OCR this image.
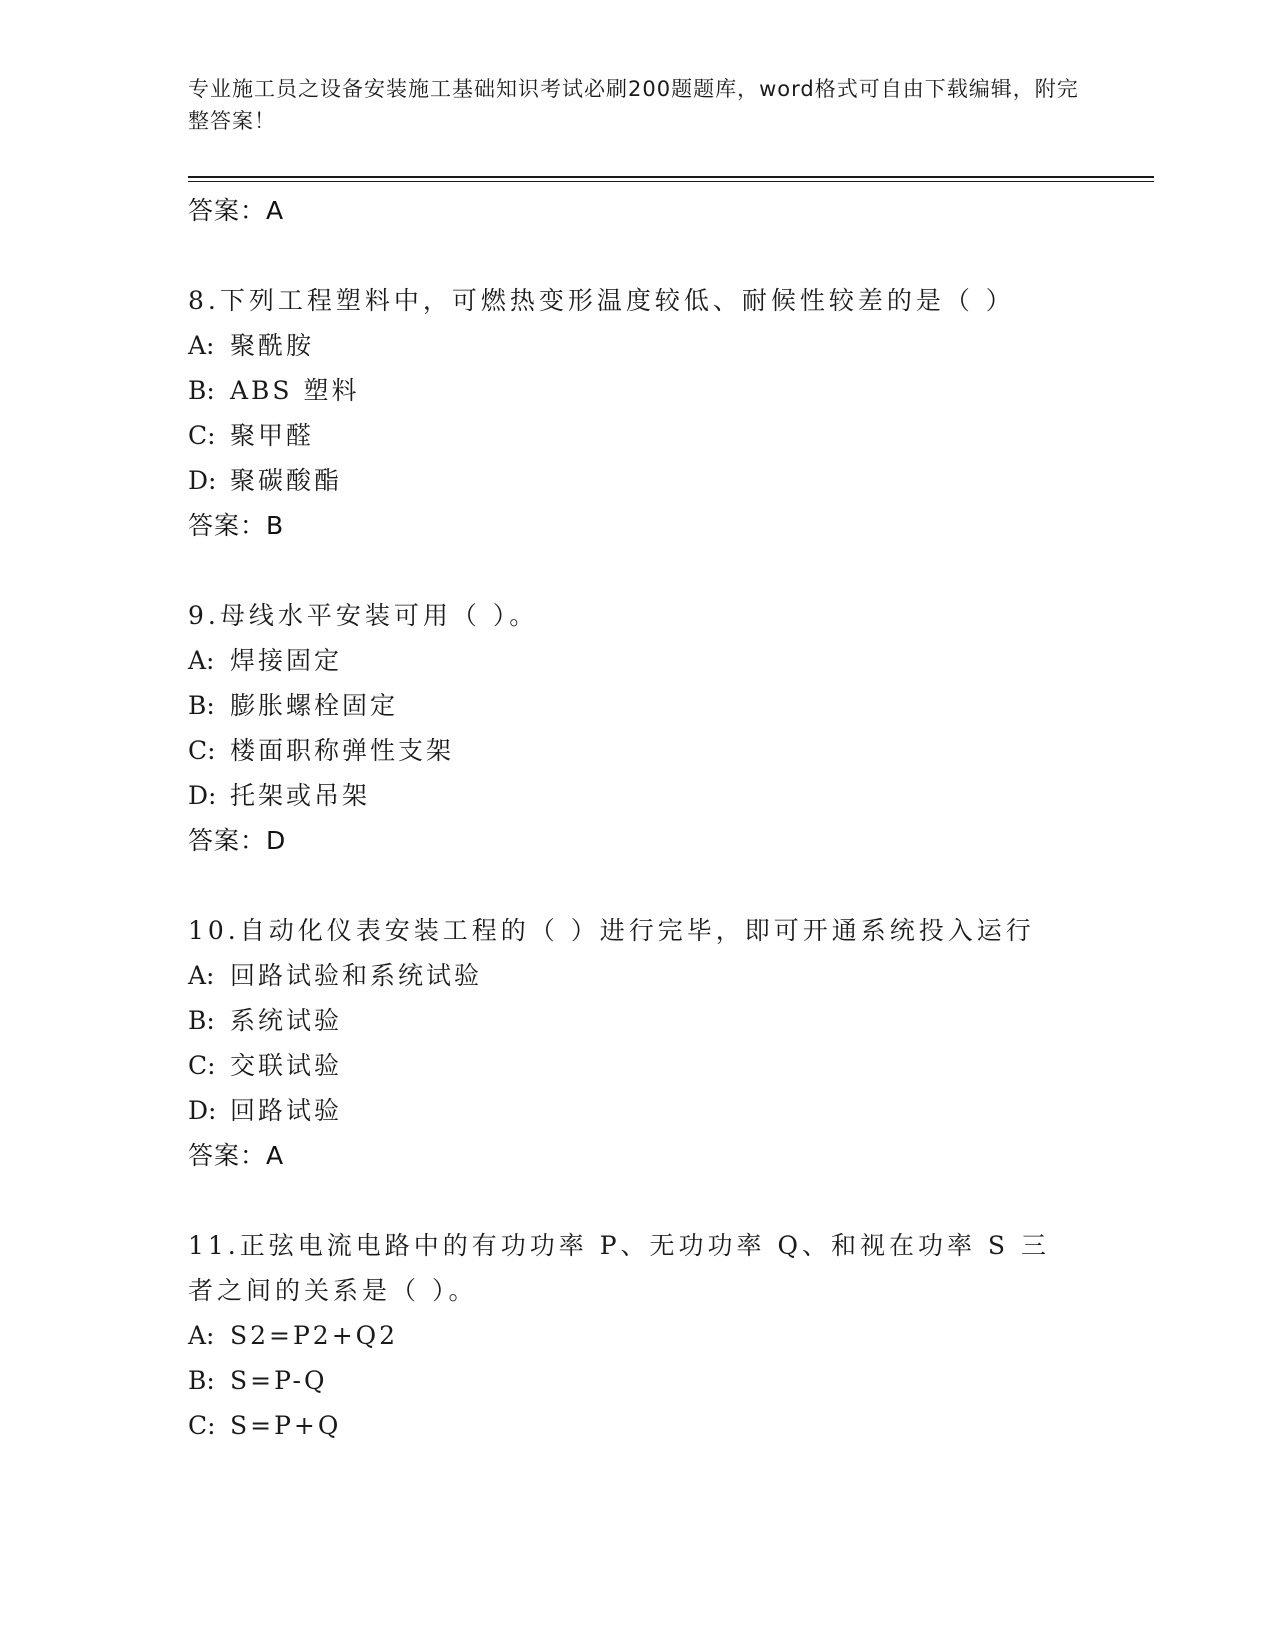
专业施工员之设备安装施工基础知识考试必刷200题题库，word格式可自由下载编辑，附完整答案！
答案：A
8.下列工程塑料中，可燃热变形温度较低、耐候性较差的是（ ）
A: 聚酰胺
B: ABS 塑料
C: 聚甲醛
D: 聚碳酸酯
答案：B
9.母线水平安装可用（ ）。
A: 焊接固定
B: 膨胀螺栓固定
C: 楼面职称弹性支架
D: 托架或吊架
答案：D
10.自动化仪表安装工程的（ ）进行完毕，即可开通系统投入运行
A: 回路试验和系统试验
B: 系统试验
C: 交联试验
D: 回路试验
答案：A
11.正弦电流电路中的有功功率 P、无功功率 Q、和视在功率 S 三者之间的关系是（ ）。
A: S2=P2+Q2
B: S=P-Q
C: S=P+Q
